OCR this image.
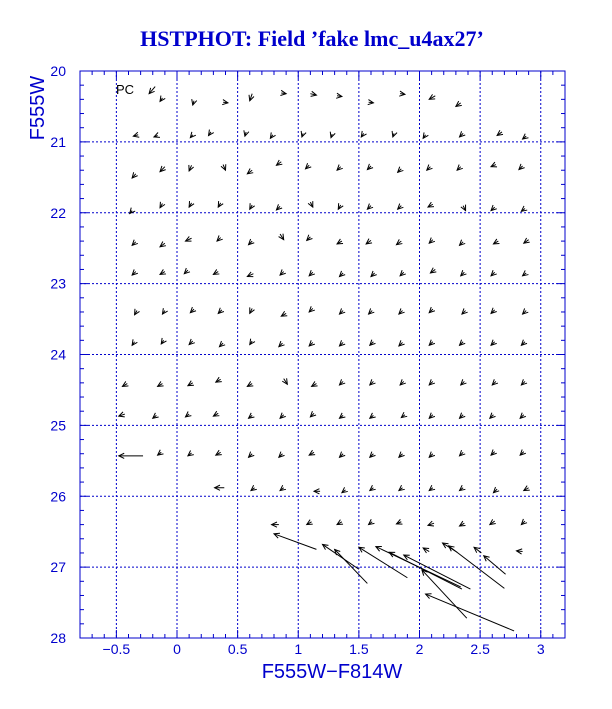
HSTPHOT: Field ’fake lmc_u4ax27’
−0.5	0	0.5	1	1.5	2	2.5	3
20
21
22
23
24
25
26
27
28
F555W−F814W
F555W	PC
